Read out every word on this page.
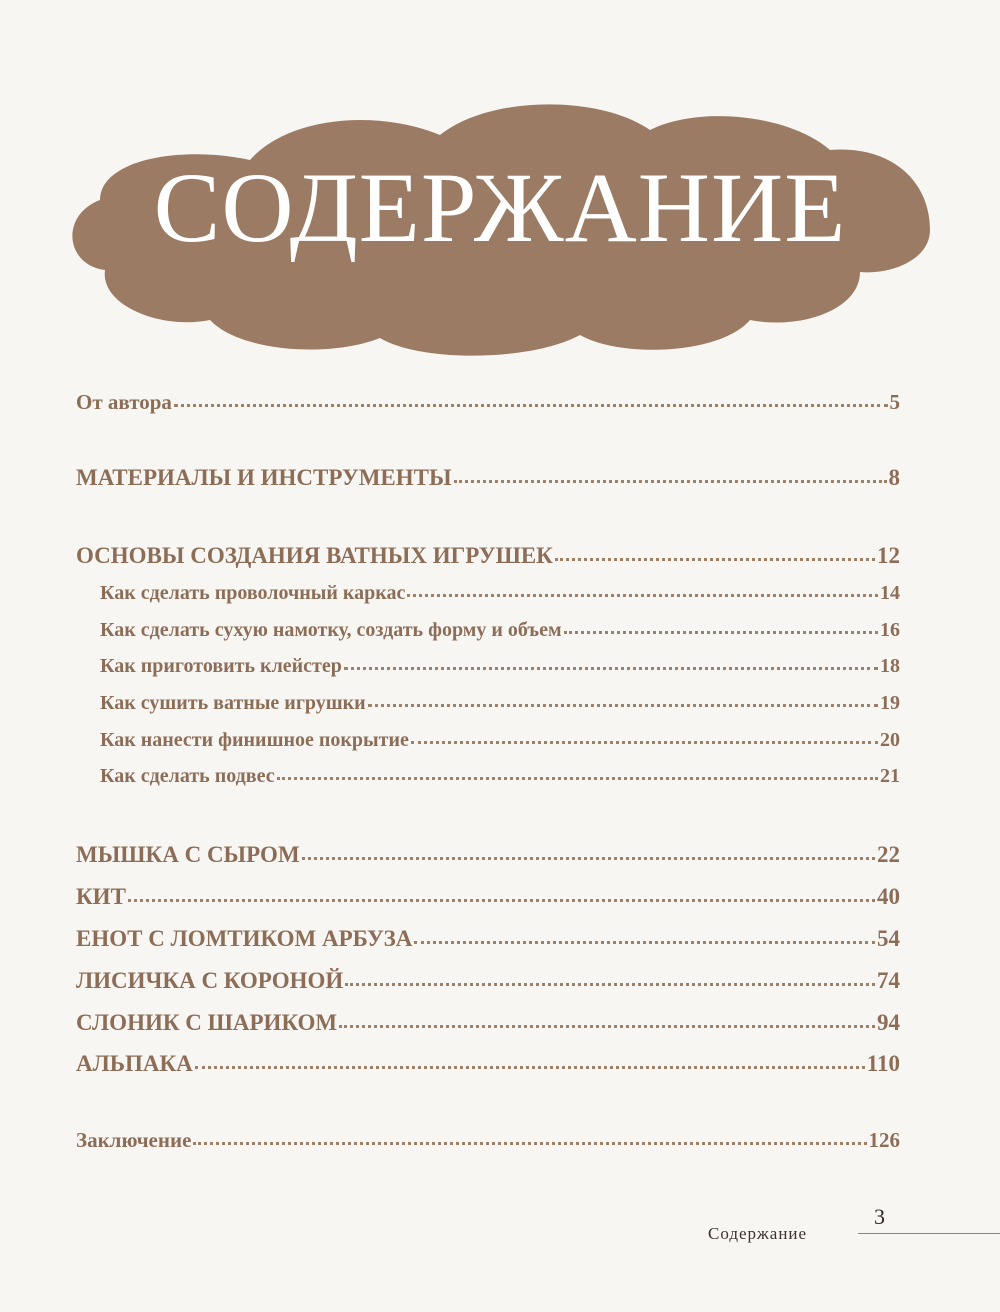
СОДЕРЖАНИЕ
От автора	5
МАТЕРИАЛЫ И ИНСТРУМЕНТЫ	8
ОСНОВЫ СОЗДАНИЯ ВАТНЫХ ИГРУШЕК	12
Как сделать проволочный каркас	14
Как сделать сухую намотку, создать форму и объем	16
Как приготовить клейстер	18
Как сушить ватные игрушки	19
Как нанести финишное покрытие	20
Как сделать подвес	21
МЫШКА С СЫРОМ	22
КИТ	40
ЕНОТ С ЛОМТИКОМ АРБУЗА	54
ЛИСИЧКА С КОРОНОЙ	74
СЛОНИК С ШАРИКОМ	94
АЛЬПАКА	110
Заключение	126
Содержание
3
